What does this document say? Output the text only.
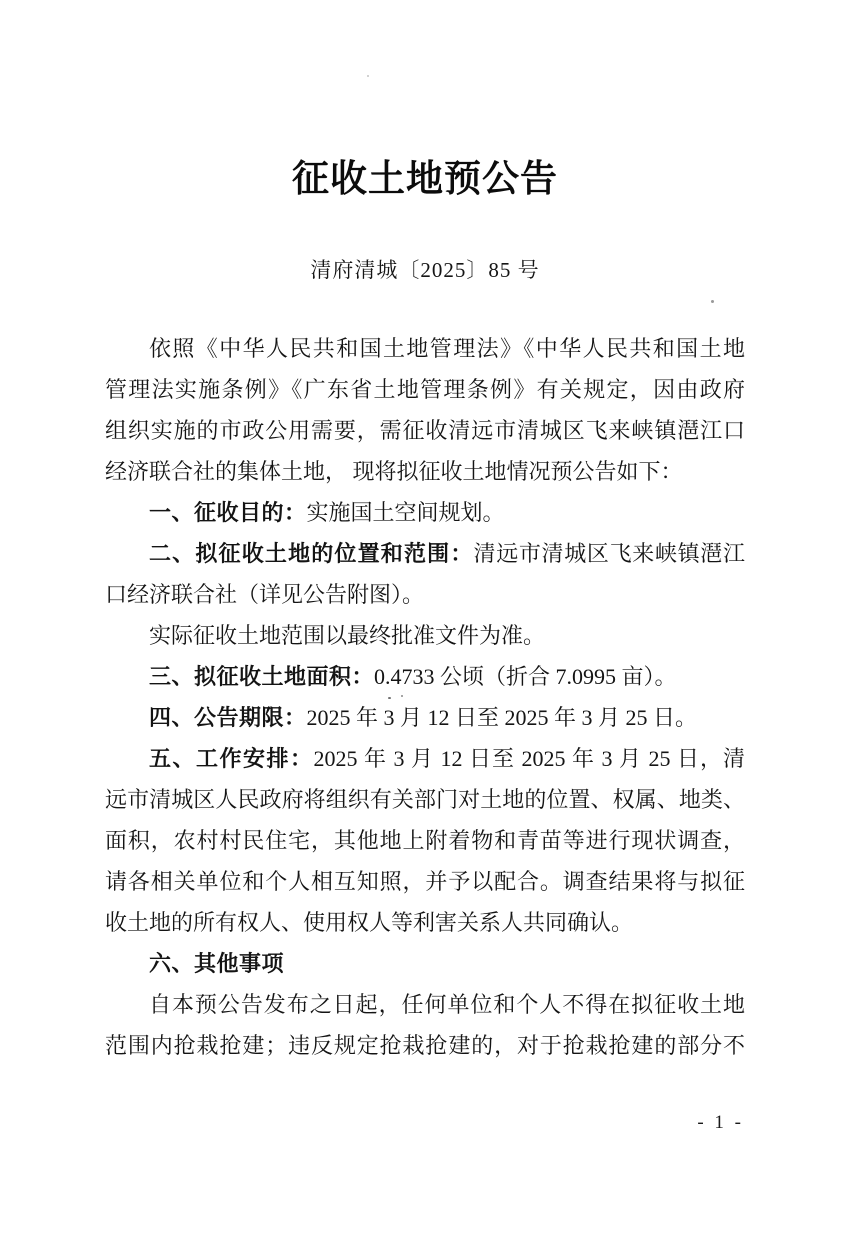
征收土地预公告
清府清城〔2025〕85 号
依照《中华人民共和国土地管理法》《中华人民共和国土地
管理法实施条例》《广东省土地管理条例》有关规定，因由政府
组织实施的市政公用需要，需征收清远市清城区飞来峡镇潖江口
经济联合社的集体土地， 现将拟征收土地情况预公告如下：
一、征收目的：实施国土空间规划。
二、拟征收土地的位置和范围：清远市清城区飞来峡镇潖江
口经济联合社（详见公告附图）。
实际征收土地范围以最终批准文件为准。
三、拟征收土地面积：0.4733 公顷（折合 7.0995 亩）。
四、公告期限：2025 年 3 月 12 日至 2025 年 3 月 25 日。
五、工作安排：2025 年 3 月 12 日至 2025 年 3 月 25 日，清
远市清城区人民政府将组织有关部门对土地的位置、权属、地类、
面积，农村村民住宅，其他地上附着物和青苗等进行现状调查，
请各相关单位和个人相互知照，并予以配合。调查结果将与拟征
收土地的所有权人、使用权人等利害关系人共同确认。
六、其他事项
自本预公告发布之日起，任何单位和个人不得在拟征收土地
范围内抢栽抢建；违反规定抢栽抢建的，对于抢栽抢建的部分不
- 1 -
